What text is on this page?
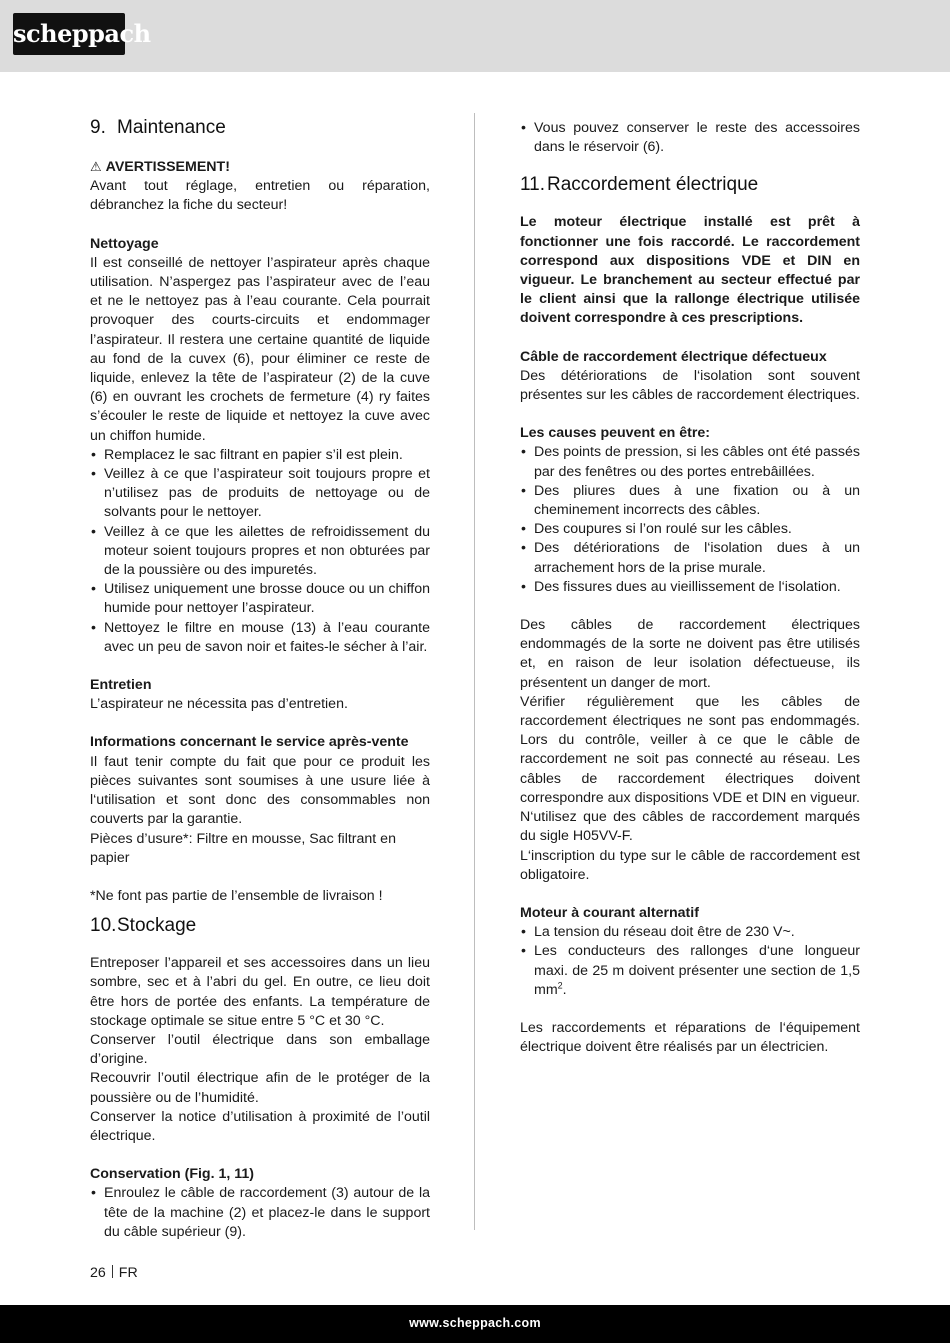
scheppach
9. Maintenance
⚠ AVERTISSEMENT!

Avant tout réglage, entretien ou réparation, débranchez la fiche du secteur!

Nettoyage

Il est conseillé de nettoyer l’aspirateur après chaque utilisation. N’aspergez pas l’aspirateur avec de l’eau et ne le nettoyez pas à l’eau courante. Cela pourrait provoquer des courts-circuits et endommager l’aspirateur. Il restera une certaine quantité de liquide au fond de la cuvex (6), pour éliminer ce reste de liquide, enlevez la tête de l’aspirateur (2) de la cuve (6) en ouvrant les crochets de fermeture (4) ry faites s’écouler le reste de liquide et nettoyez la cuve avec un chiffon humide.

• Remplacez le sac filtrant en papier s’il est plein.
• Veillez à ce que l’aspirateur soit toujours propre et n’utilisez pas de produits de nettoyage ou de solvants pour le nettoyer.
• Veillez à ce que les ailettes de refroidissement du moteur soient toujours propres et non obturées par de la poussière ou des impuretés.
• Utilisez uniquement une brosse douce ou un chiffon humide pour nettoyer l’aspirateur.
• Nettoyez le filtre en mouse (13) à l’eau courante avec un peu de savon noir et faites-le sécher à l’air.
Entretien

L’aspirateur ne nécessita pas d’entretien.

Informations concernant le service après-vente

Il faut tenir compte du fait que pour ce produit les pièces suivantes sont soumises à une usure liée à l‘utilisation et sont donc des consommables non couverts par la garantie.

Pièces d’usure*: Filtre en mousse, Sac filtrant en papier

*Ne font pas partie de l’ensemble de livraison !

10.Stockage

Entreposer l’appareil et ses accessoires dans un lieu sombre, sec et à l’abri du gel. En outre, ce lieu doit être hors de portée des enfants. La température de stockage optimale se situe entre 5 °C et 30 °C.

Conserver l’outil électrique dans son emballage d’origine.

Recouvrir l’outil électrique afin de le protéger de la poussière ou de l’humidité.

Conserver la notice d’utilisation à proximité de l’outil électrique.

Conservation (Fig. 1, 11)
• Enroulez le câble de raccordement (3) autour de la tête de la machine (2) et placez-le dans le support du câble supérieur (9).
• Vous pouvez conserver le reste des accessoires dans le réservoir (6).
11. Raccordement électrique

Le moteur électrique installé est prêt à fonctionner une fois raccordé. Le raccordement correspond aux dispositions VDE et DIN en vigueur. Le branchement au secteur effectué par le client ainsi que la rallonge électrique utilisée doivent correspondre à ces prescriptions.

Câble de raccordement électrique défectueux

Des détériorations de l‘isolation sont souvent présentes sur les câbles de raccordement électriques.

Les causes peuvent en être:
• Des points de pression, si les câbles ont été passés par des fenêtres ou des portes entrebâillées.
• Des pliures dues à une fixation ou à un cheminement incorrects des câbles.
• Des coupures si l’on roulé sur les câbles.
• Des détériorations de l‘isolation dues à un arrachement hors de la prise murale.
• Des fissures dues au vieillissement de l‘isolation.

Des câbles de raccordement électriques endommagés de la sorte ne doivent pas être utilisés et, en raison de leur isolation défectueuse, ils présentent un danger de mort.

Vérifier régulièrement que les câbles de raccordement électriques ne sont pas endommagés. Lors du contrôle, veiller à ce que le câble de raccordement ne soit pas connecté au réseau. Les câbles de raccordement électriques doivent correspondre aux dispositions VDE et DIN en vigueur. N‘utilisez que des câbles de raccordement marqués du sigle H05VV-F.

L‘inscription du type sur le câble de raccordement est obligatoire.

Moteur à courant alternatif
• La tension du réseau doit être de 230 V~.
• Les conducteurs des rallonges d‘une longueur maxi. de 25 m doivent présenter une section de 1,5 $mm^2$.

Les raccordements et réparations de l‘équipement électrique doivent être réalisés par un électricien.

26 FR
www.scheppach.com
